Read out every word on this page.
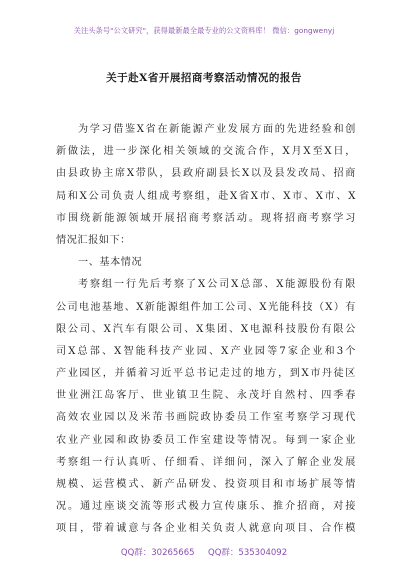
关注头条号"公文研究"，获得最新最全最专业的公文资料库！ 微信：gongwenyj
关于赴X省开展招商考察活动情况的报告
为学习借鉴X省在新能源产业发展方面的先进经验和创
新做法，进一步深化相关领域的交流合作，X月X至X日，
由县政协主席X带队，县政府副县长X以及县发改局、招商
局和X公司负责人组成考察组，赴X省X市、X市、X市、X
市围绕新能源领域开展招商考察活动。现将招商考察学习
情况汇报如下：
一、基本情况
考察组一行先后考察了X公司X总部、X能源股份有限
公司电池基地、X新能源组件加工公司、X光能科技（X）有
限公司、X汽车有限公司、X集团、X电源科技股份有限公
司X总部、X智能科技产业园、X产业园等7家企业和3个
产业园区，并循着习近平总书记走过的地方，到X市丹徒区
世业洲江岛客厅、世业镇卫生院、永茂圩自然村、四季春
高效农业园以及米芾书画院政协委员工作室考察学习现代
农业产业园和政协委员工作室建设等情况。每到一家企业
考察组一行认真听、仔细看、详细问，深入了解企业发展
规模、运营模式、新产品研发、投资项目和市场扩展等情
况。通过座谈交流等形式极力宣传康乐、推介招商，对接
项目，带着诚意与各企业相关负责人就意向项目、合作模
QQ群：30265665     QQ群：535304092
